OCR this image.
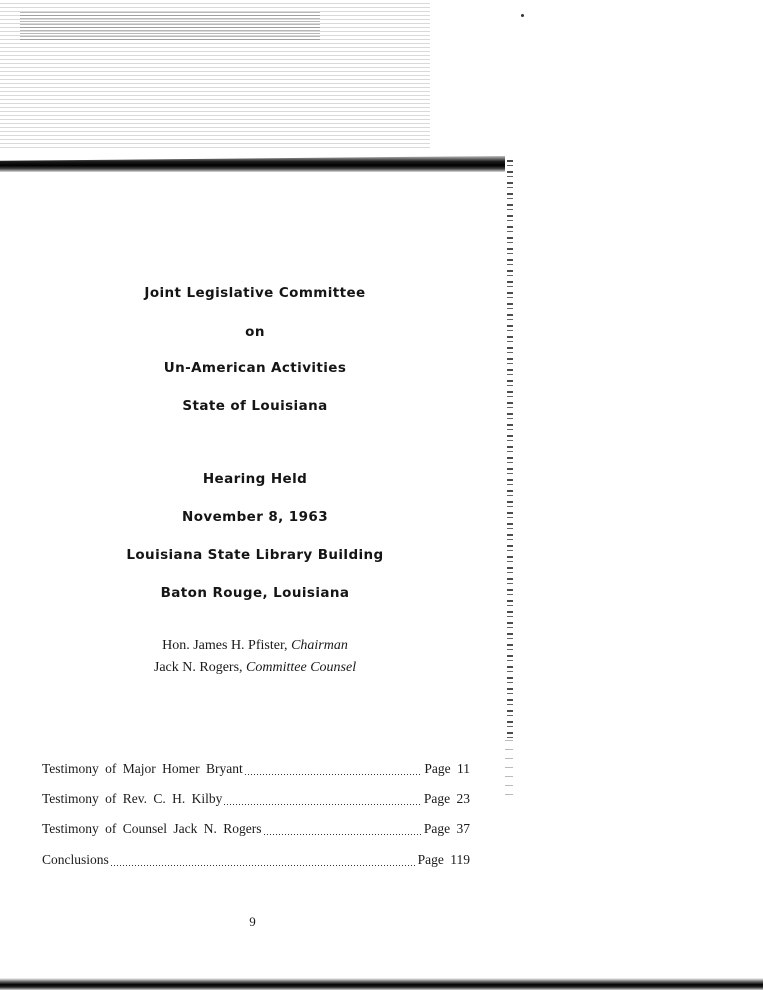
Joint Legislative Committee
on
Un-American Activities
State of Louisiana
Hearing Held
November 8, 1963
Louisiana State Library Building
Baton Rouge, Louisiana
Hon. James H. Pfister, Chairman
Jack N. Rogers, Committee Counsel
Testimony of Major Homer Bryant	Page 11
Testimony of Rev. C. H. Kilby	Page 23
Testimony of Counsel Jack N. Rogers	Page 37
Conclusions	Page 119
9
